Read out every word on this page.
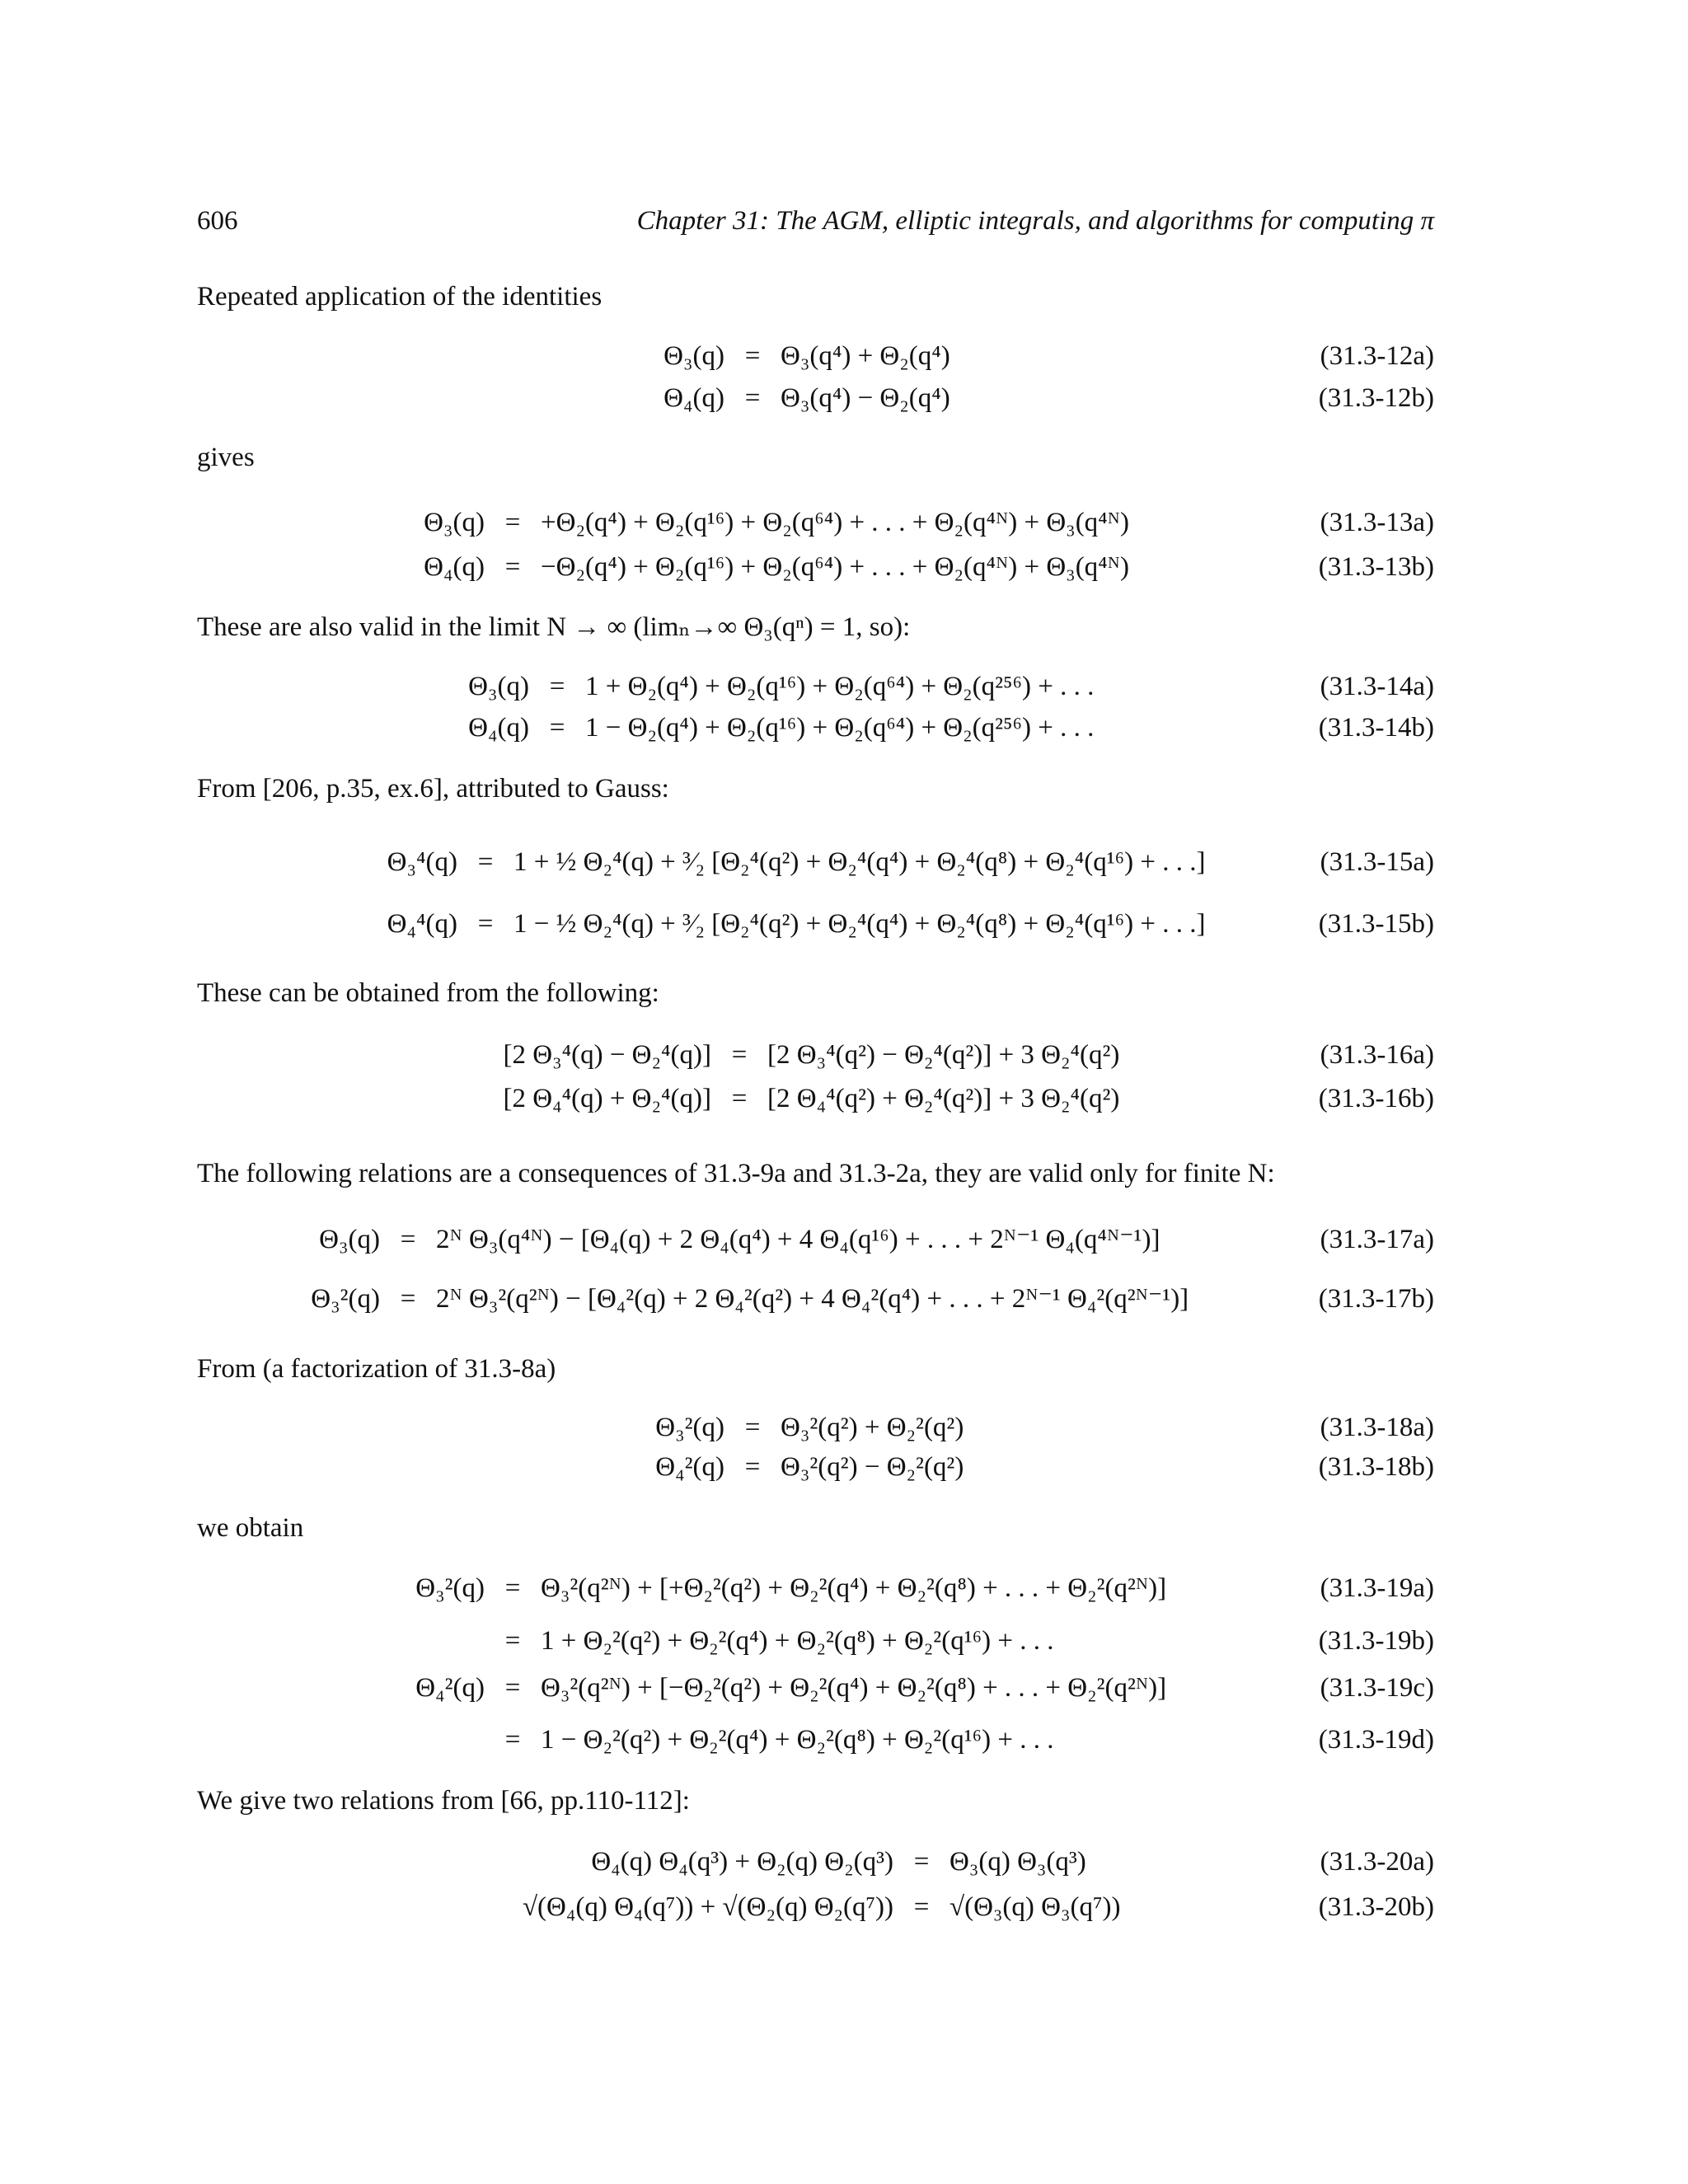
606	Chapter 31: The AGM, elliptic integrals, and algorithms for computing π
Repeated application of the identities
gives
These are also valid in the limit N → ∞ (limₙ→∞ Θ₃(qⁿ) = 1, so):
From [206, p.35, ex.6], attributed to Gauss:
These can be obtained from the following:
The following relations are a consequences of 31.3-9a and 31.3-2a, they are valid only for finite N:
From (a factorization of 31.3-8a)
we obtain
We give two relations from [66, pp.110-112]:
Θ₃(q) = Θ₃(q⁴) + Θ₂(q⁴)	(31.3-12a)
Θ₄(q) = Θ₃(q⁴) − Θ₂(q⁴)	(31.3-12b)
Θ₃(q) = +Θ₂(q⁴) + Θ₂(q¹⁶) + Θ₂(q⁶⁴) + . . . + Θ₂(q⁴ᴺ) + Θ₃(q⁴ᴺ)	(31.3-13a)
Θ₄(q) = −Θ₂(q⁴) + Θ₂(q¹⁶) + Θ₂(q⁶⁴) + . . . + Θ₂(q⁴ᴺ) + Θ₃(q⁴ᴺ)	(31.3-13b)
Θ₃(q) = 1 + Θ₂(q⁴) + Θ₂(q¹⁶) + Θ₂(q⁶⁴) + Θ₂(q²⁵⁶) + . . .	(31.3-14a)
Θ₄(q) = 1 − Θ₂(q⁴) + Θ₂(q¹⁶) + Θ₂(q⁶⁴) + Θ₂(q²⁵⁶) + . . .	(31.3-14b)
Θ₃⁴(q) = 1 + ½ Θ₂⁴(q) + ³⁄₂ [Θ₂⁴(q²) + Θ₂⁴(q⁴) + Θ₂⁴(q⁸) + Θ₂⁴(q¹⁶) + . . .]	(31.3-15a)
Θ₄⁴(q) = 1 − ½ Θ₂⁴(q) + ³⁄₂ [Θ₂⁴(q²) + Θ₂⁴(q⁴) + Θ₂⁴(q⁸) + Θ₂⁴(q¹⁶) + . . .]	(31.3-15b)
[2 Θ₃⁴(q) − Θ₂⁴(q)] = [2 Θ₃⁴(q²) − Θ₂⁴(q²)] + 3 Θ₂⁴(q²)	(31.3-16a)
[2 Θ₄⁴(q) + Θ₂⁴(q)] = [2 Θ₄⁴(q²) + Θ₂⁴(q²)] + 3 Θ₂⁴(q²)	(31.3-16b)
Θ₃(q) = 2ᴺ Θ₃(q⁴ᴺ) − [Θ₄(q) + 2 Θ₄(q⁴) + 4 Θ₄(q¹⁶) + . . . + 2ᴺ⁻¹ Θ₄(q⁴ᴺ⁻¹)]	(31.3-17a)
Θ₃²(q) = 2ᴺ Θ₃²(q²ᴺ) − [Θ₄²(q) + 2 Θ₄²(q²) + 4 Θ₄²(q⁴) + . . . + 2ᴺ⁻¹ Θ₄²(q²ᴺ⁻¹)]	(31.3-17b)
Θ₃²(q) = Θ₃²(q²) + Θ₂²(q²)	(31.3-18a)
Θ₄²(q) = Θ₃²(q²) − Θ₂²(q²)	(31.3-18b)
Θ₃²(q) = Θ₃²(q²ᴺ) + [+Θ₂²(q²) + Θ₂²(q⁴) + Θ₂²(q⁸) + . . . + Θ₂²(q²ᴺ)]	(31.3-19a)
= 1 + Θ₂²(q²) + Θ₂²(q⁴) + Θ₂²(q⁸) + Θ₂²(q¹⁶) + . . .	(31.3-19b)
Θ₄²(q) = Θ₃²(q²ᴺ) + [−Θ₂²(q²) + Θ₂²(q⁴) + Θ₂²(q⁸) + . . . + Θ₂²(q²ᴺ)]	(31.3-19c)
= 1 − Θ₂²(q²) + Θ₂²(q⁴) + Θ₂²(q⁸) + Θ₂²(q¹⁶) + . . .	(31.3-19d)
Θ₄(q) Θ₄(q³) + Θ₂(q) Θ₂(q³) = Θ₃(q) Θ₃(q³)	(31.3-20a)
√(Θ₄(q) Θ₄(q⁷)) + √(Θ₂(q) Θ₂(q⁷)) = √(Θ₃(q) Θ₃(q⁷))	(31.3-20b)
